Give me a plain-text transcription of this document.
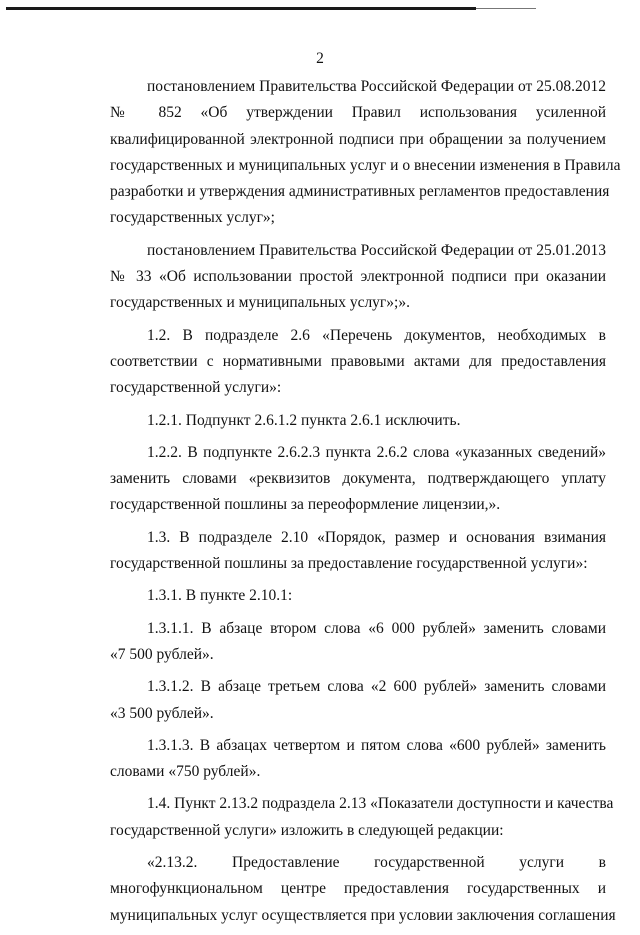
2
постановлением Правительства Российской Федерации от 25.08.2012
№ 852 «Об утверждении Правил использования усиленной
квалифицированной электронной подписи при обращении за получением
государственных и муниципальных услуг и о внесении изменения в Правила
разработки и утверждения административных регламентов предоставления
государственных услуг»;
постановлением Правительства Российской Федерации от 25.01.2013
№ 33 «Об использовании простой электронной подписи при оказании
государственных и муниципальных услуг»;».
1.2. В подразделе 2.6 «Перечень документов, необходимых в
соответствии с нормативными правовыми актами для предоставления
государственной услуги»:
1.2.1. Подпункт 2.6.1.2 пункта 2.6.1 исключить.
1.2.2. В подпункте 2.6.2.3 пункта 2.6.2 слова «указанных сведений»
заменить словами «реквизитов документа, подтверждающего уплату
государственной пошлины за переоформление лицензии,».
1.3. В подразделе 2.10 «Порядок, размер и основания взимания
государственной пошлины за предоставление государственной услуги»:
1.3.1. В пункте 2.10.1:
1.3.1.1. В абзаце втором слова «6 000 рублей» заменить словами
«7 500 рублей».
1.3.1.2. В абзаце третьем слова «2 600 рублей» заменить словами
«3 500 рублей».
1.3.1.3. В абзацах четвертом и пятом слова «600 рублей» заменить
словами «750 рублей».
1.4. Пункт 2.13.2 подраздела 2.13 «Показатели доступности и качества
государственной услуги» изложить в следующей редакции:
«2.13.2. Предоставление государственной услуги в
многофункциональном центре предоставления государственных и
муниципальных услуг осуществляется при условии заключения соглашения
